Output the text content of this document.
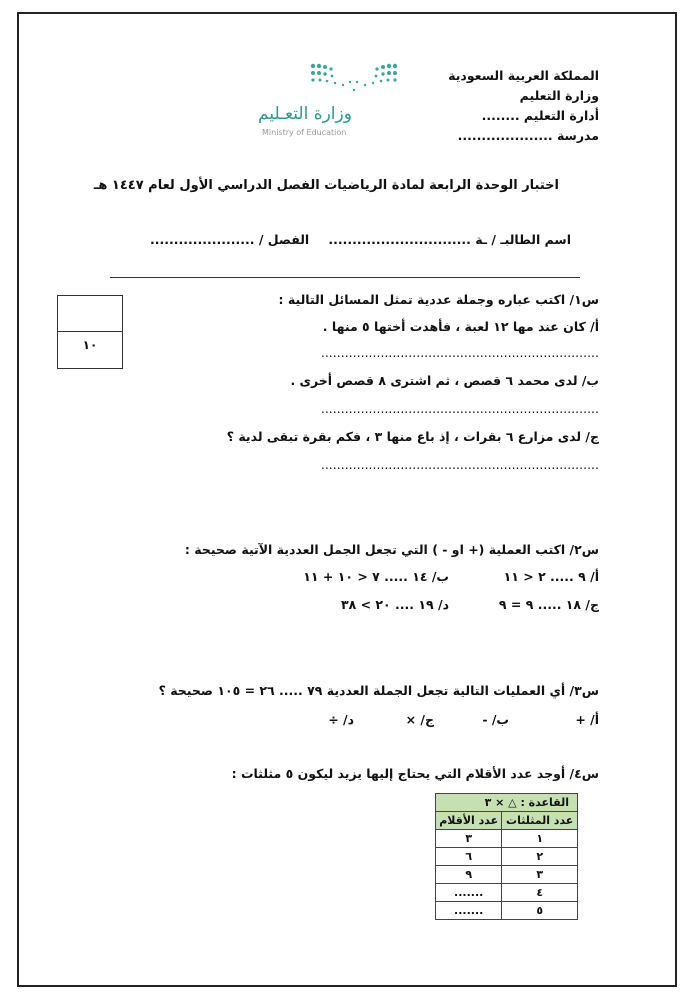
وزارة التعـليم
Ministry of Education
المملكة العربية السعودية
وزارة التعليم
أدارة التعليم ........
مدرسة ....................
اختبار الوحدة الرابعة لمادة الرياضيات الفصل الدراسي الأول لعام ١٤٤٧ هـ
اسم الطالبـ / ـة ..............................
الفصل / ......................
١٠
س١/ اكتب عباره وجملة عددية تمثل المسائل التالية :
أ/ كان عند مها ١٢ لعبة ، فأهدت أختها ٥ منها .
......................................................................
ب/ لدى محمد ٦ قصص ، ثم اشترى ٨ قصص أخرى .
......................................................................
ج/ لدى مزارع ٦ بقرات ، إذ باع منها ٣ ، فكم بقرة تبقى لدية ؟
......................................................................
س٢/ اكتب العملية (+ او - ) التي تجعل الجمل العددية الآتية صحيحة :
أ/ ٩ ..... ٢ < ١١
ب/ ١٤ ..... ٧ < ١٠ + ١١
ج/ ١٨ ..... ٩ = ٩
د/ ١٩ .... ٢٠ > ٣٨
س٣/ أي العمليات التالية تجعل الجملة العددية ٧٩ ..... ٢٦ = ١٠٥ صحيحة ؟
أ/ +
ب/ -
ج/ ×
د/ ÷
س٤/ أوجد عدد الأقلام التي يحتاج إليها يزيد ليكون ٥ مثلثات :
القاعدة : △ × ٣	
عدد المثلثات	عدد الأقلام
١	٣
٢	٦
٣	٩
٤	.......
٥	.......
